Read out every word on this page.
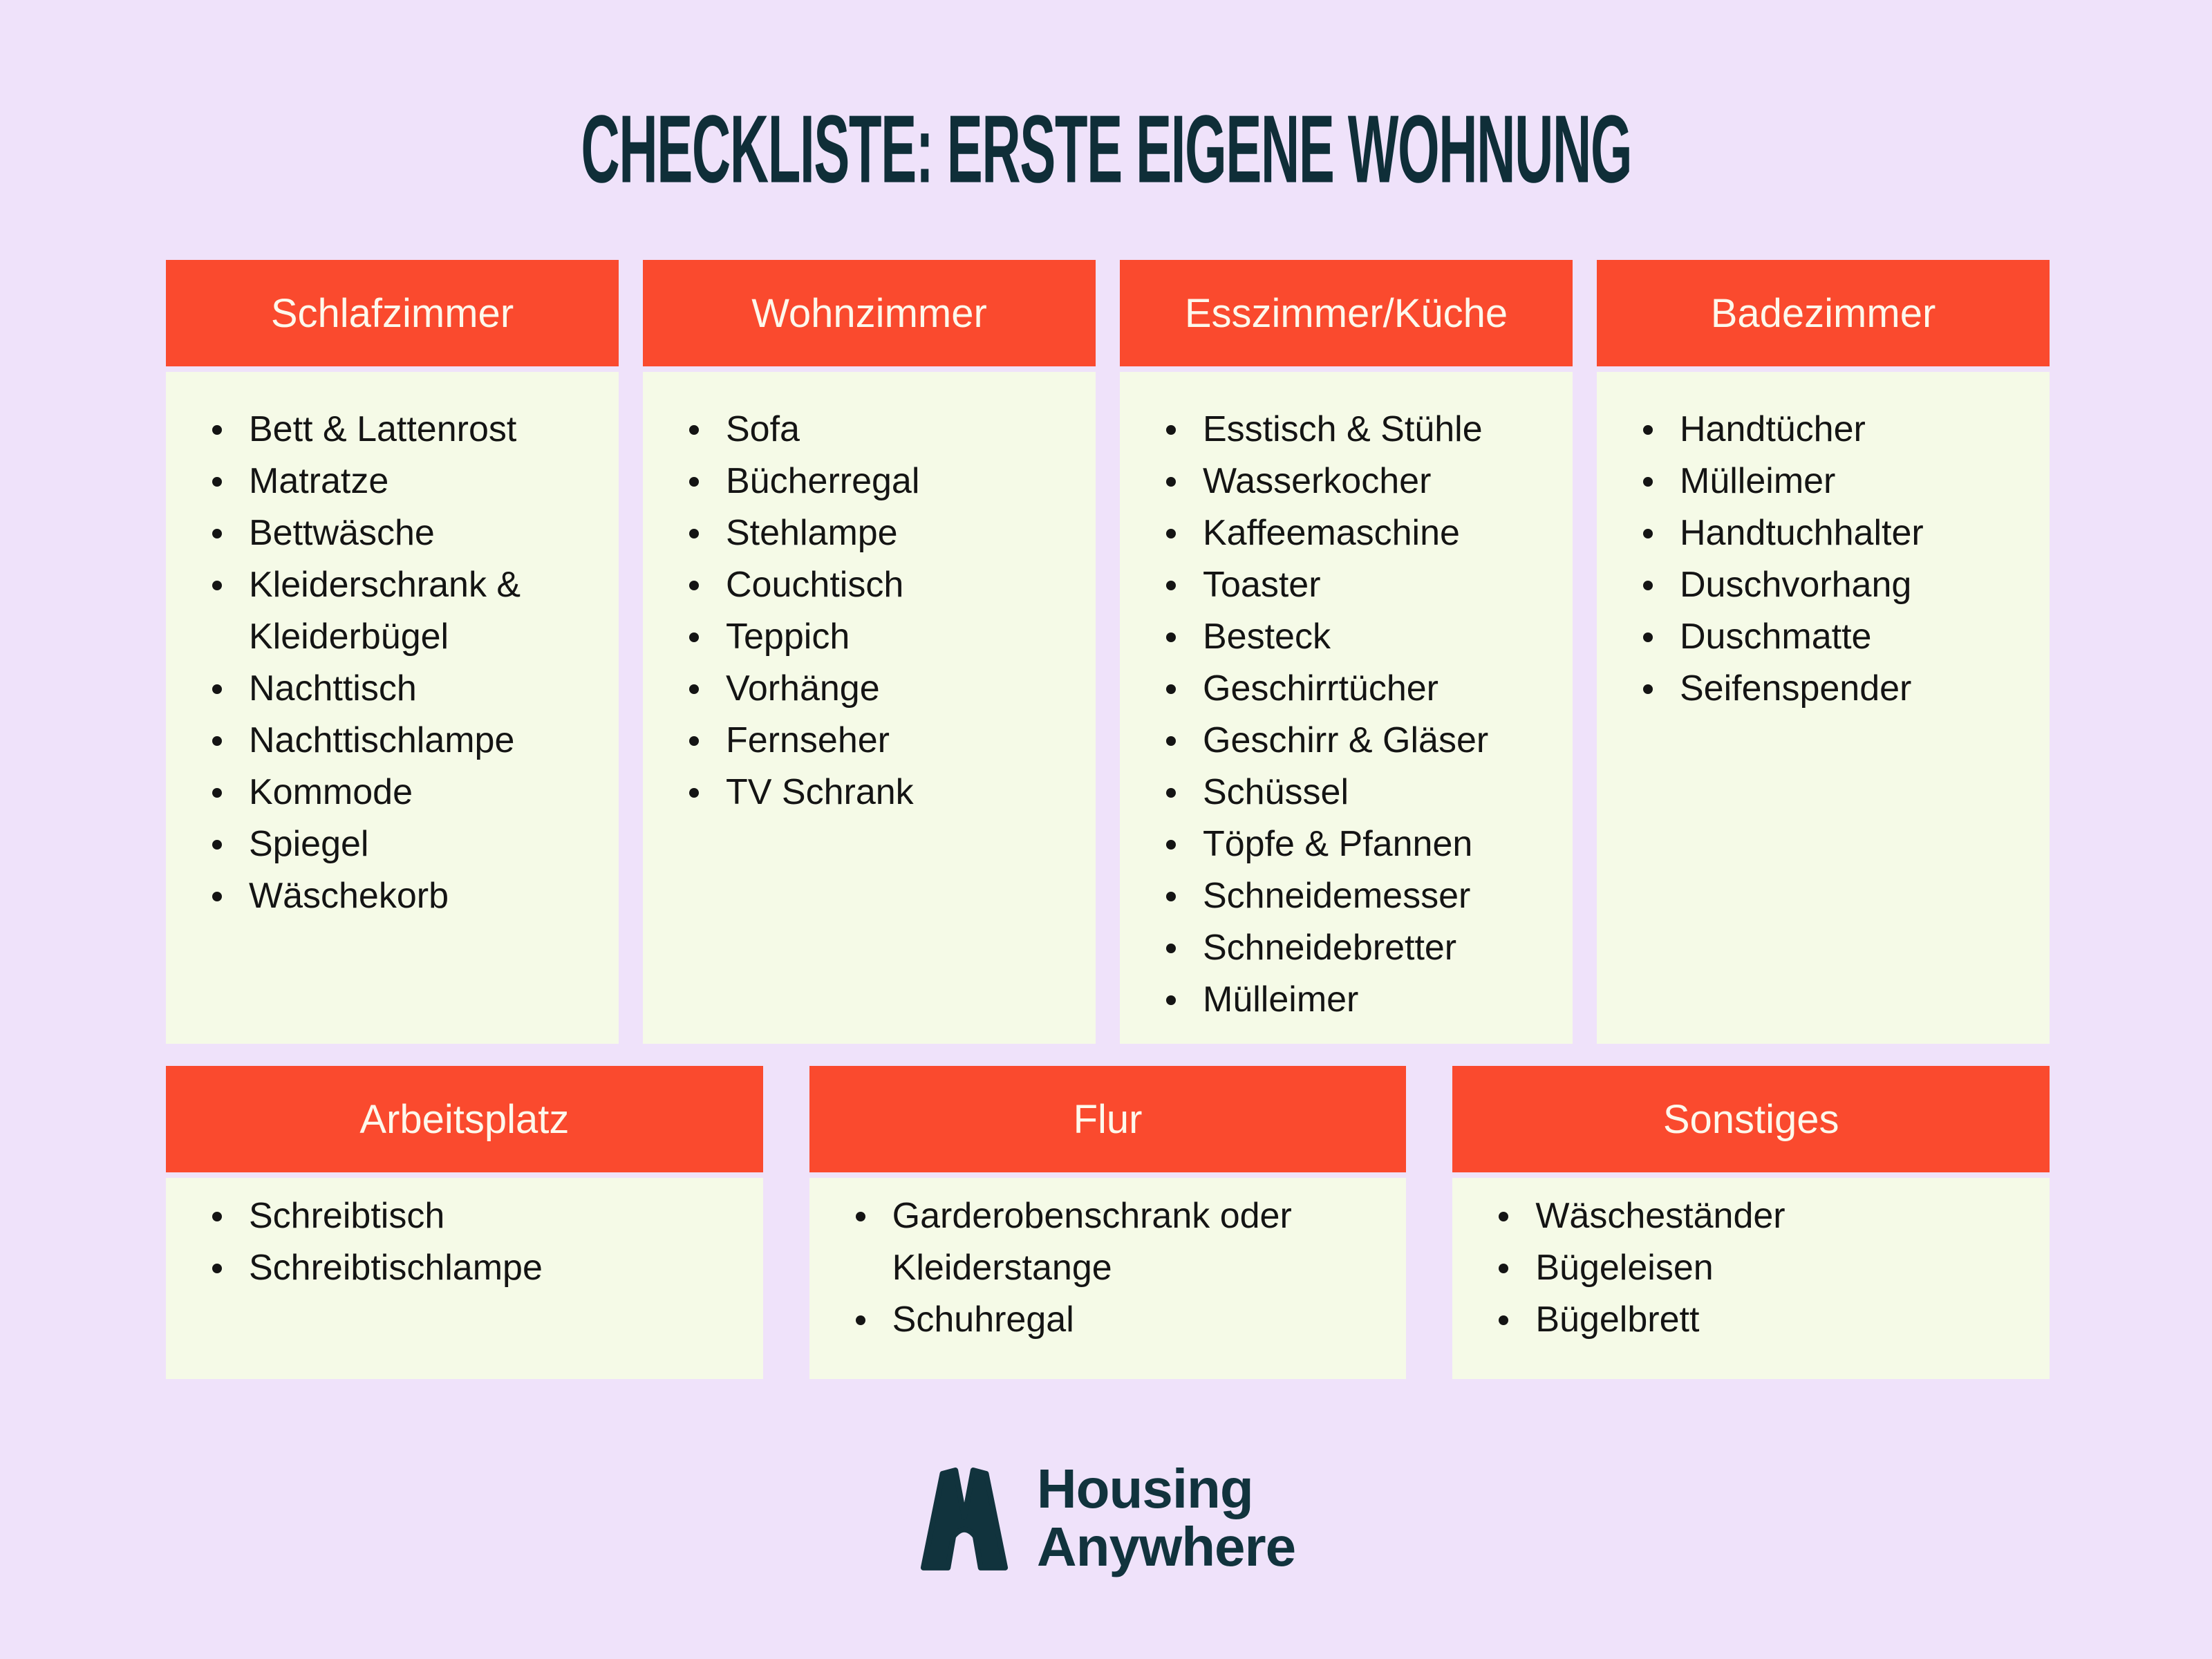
CHECKLISTE: ERSTE EIGENE WOHNUNG
Schlafzimmer
Bett & Lattenrost
Matratze
Bettwäsche
Kleiderschrank & Kleiderbügel
Nachttisch
Nachttischlampe
Kommode
Spiegel
Wäschekorb
Wohnzimmer
Sofa
Bücherregal
Stehlampe
Couchtisch
Teppich
Vorhänge
Fernseher
TV Schrank
Esszimmer/Küche
Esstisch & Stühle
Wasserkocher
Kaffeemaschine
Toaster
Besteck
Geschirrtücher
Geschirr & Gläser
Schüssel
Töpfe & Pfannen
Schneidemesser
Schneidebretter
Mülleimer
Badezimmer
Handtücher
Mülleimer
Handtuchhalter
Duschvorhang
Duschmatte
Seifenspender
Arbeitsplatz
Schreibtisch
Schreibtischlampe
Flur
Garderobenschrank oder Kleiderstange
Schuhregal
Sonstiges
Wäscheständer
Bügeleisen
Bügelbrett
Housing
Anywhere
